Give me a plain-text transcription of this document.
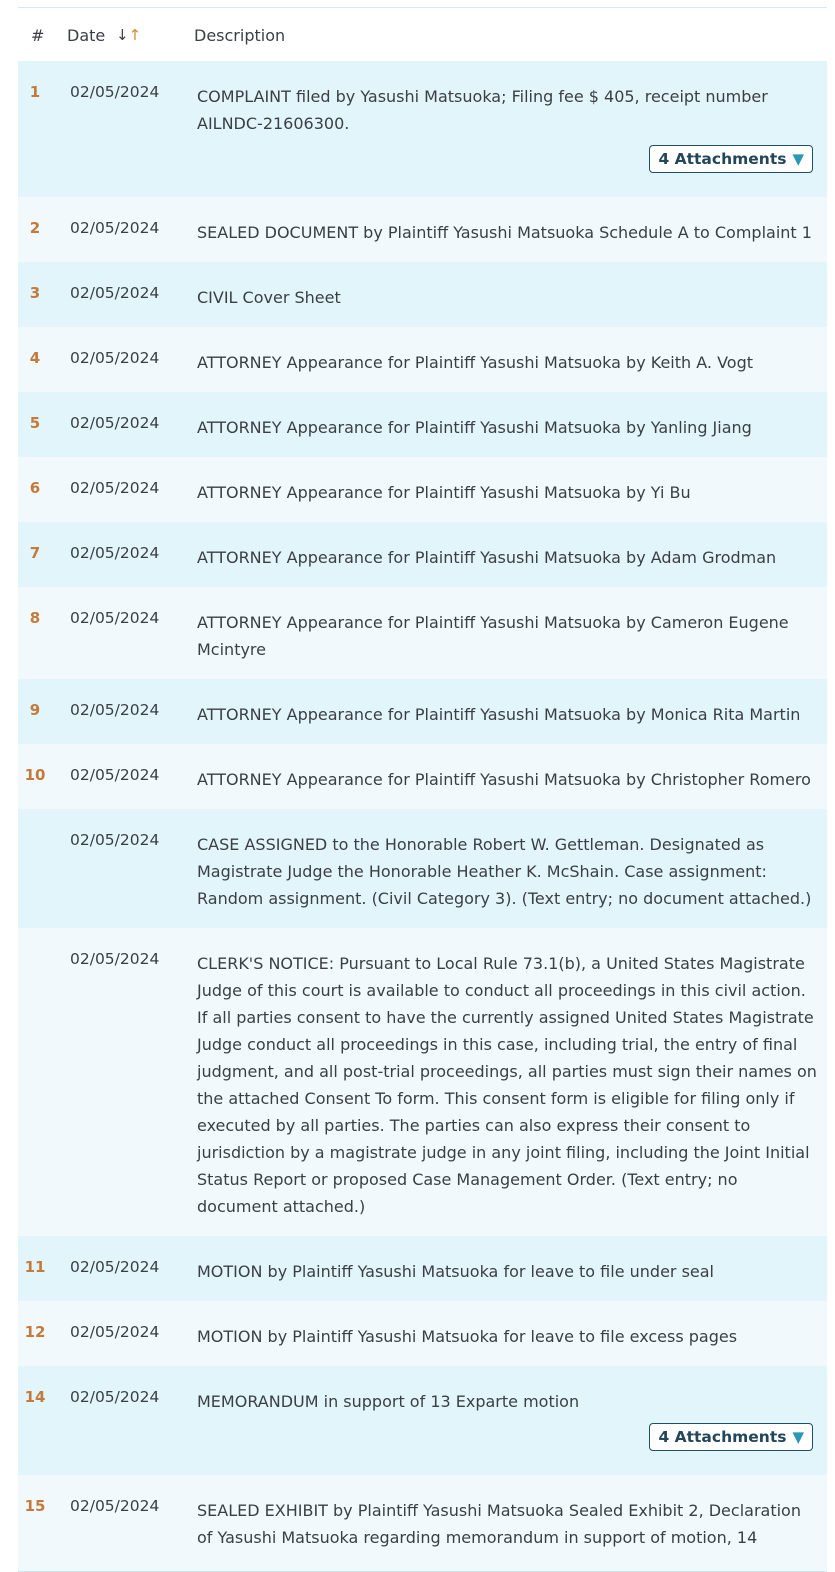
# Date ↓↑	Description
1	02/05/2024 COMPLAINT filed by Yasushi Matsuoka; Filing fee $ 405, receipt number AILNDC-21606300.
4 Attachments ▼
2	02/05/2024 SEALED DOCUMENT by Plaintiff Yasushi Matsuoka Schedule A to Complaint 1
3	02/05/2024 CIVIL Cover Sheet
4	02/05/2024 ATTORNEY Appearance for Plaintiff Yasushi Matsuoka by Keith A. Vogt
5	02/05/2024 ATTORNEY Appearance for Plaintiff Yasushi Matsuoka by Yanling Jiang
6	02/05/2024 ATTORNEY Appearance for Plaintiff Yasushi Matsuoka by Yi Bu
7	02/05/2024 ATTORNEY Appearance for Plaintiff Yasushi Matsuoka by Adam Grodman
8	02/05/2024 ATTORNEY Appearance for Plaintiff Yasushi Matsuoka by Cameron Eugene Mcintyre
9	02/05/2024 ATTORNEY Appearance for Plaintiff Yasushi Matsuoka by Monica Rita Martin
10	02/05/2024 ATTORNEY Appearance for Plaintiff Yasushi Matsuoka by Christopher Romero
02/05/2024 CASE ASSIGNED to the Honorable Robert W. Gettleman. Designated as Magistrate Judge the Honorable Heather K. McShain. Case assignment: Random assignment. (Civil Category 3). (Text entry; no document attached.)
02/05/2024 CLERK'S NOTICE: Pursuant to Local Rule 73.1(b), a United States Magistrate Judge of this court is available to conduct all proceedings in this civil action. If all parties consent to have the currently assigned United States Magistrate Judge conduct all proceedings in this case, including trial, the entry of final judgment, and all post-trial proceedings, all parties must sign their names on the attached Consent To form. This consent form is eligible for filing only if executed by all parties. The parties can also express their consent to jurisdiction by a magistrate judge in any joint filing, including the Joint Initial Status Report or proposed Case Management Order. (Text entry; no document attached.)
11	02/05/2024 MOTION by Plaintiff Yasushi Matsuoka for leave to file under seal
12	02/05/2024 MOTION by Plaintiff Yasushi Matsuoka for leave to file excess pages
14	02/05/2024 MEMORANDUM in support of 13 Exparte motion
4 Attachments ▼
15	02/05/2024 SEALED EXHIBIT by Plaintiff Yasushi Matsuoka Sealed Exhibit 2, Declaration of Yasushi Matsuoka regarding memorandum in support of motion, 14
